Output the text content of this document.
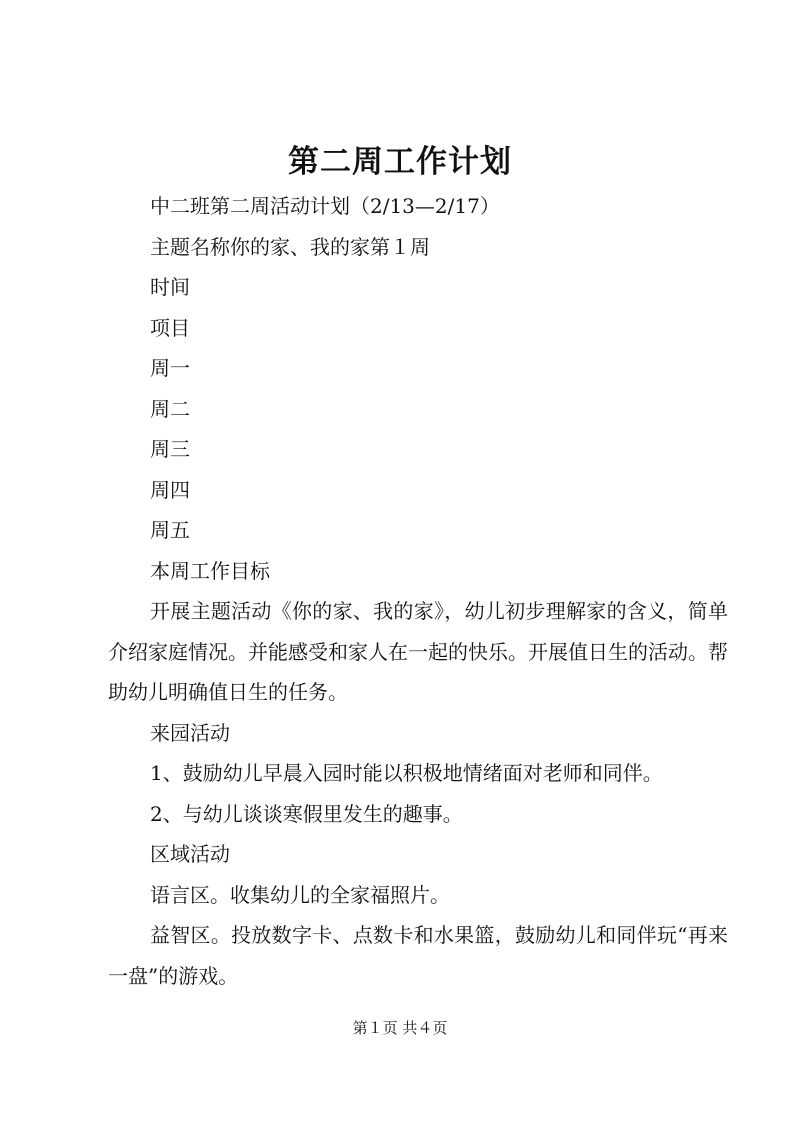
第二周工作计划

中二班第二周活动计划（2/13—2/17）

主题名称你的家、我的家第１周

时间

项目

周一

周二

周三

周四

周五

本周工作目标

开展主题活动《你的家、我的家》，幼儿初步理解家的含义，简单介绍家庭情况。并能感受和家人在一起的快乐。开展值日生的活动。帮助幼儿明确值日生的任务。

来园活动

1、鼓励幼儿早晨入园时能以积极地情绪面对老师和同伴。

2、与幼儿谈谈寒假里发生的趣事。

区域活动

语言区。收集幼儿的全家福照片。

益智区。投放数字卡、点数卡和水果篮，鼓励幼儿和同伴玩“再来一盘”的游戏。

第１页 共４页
